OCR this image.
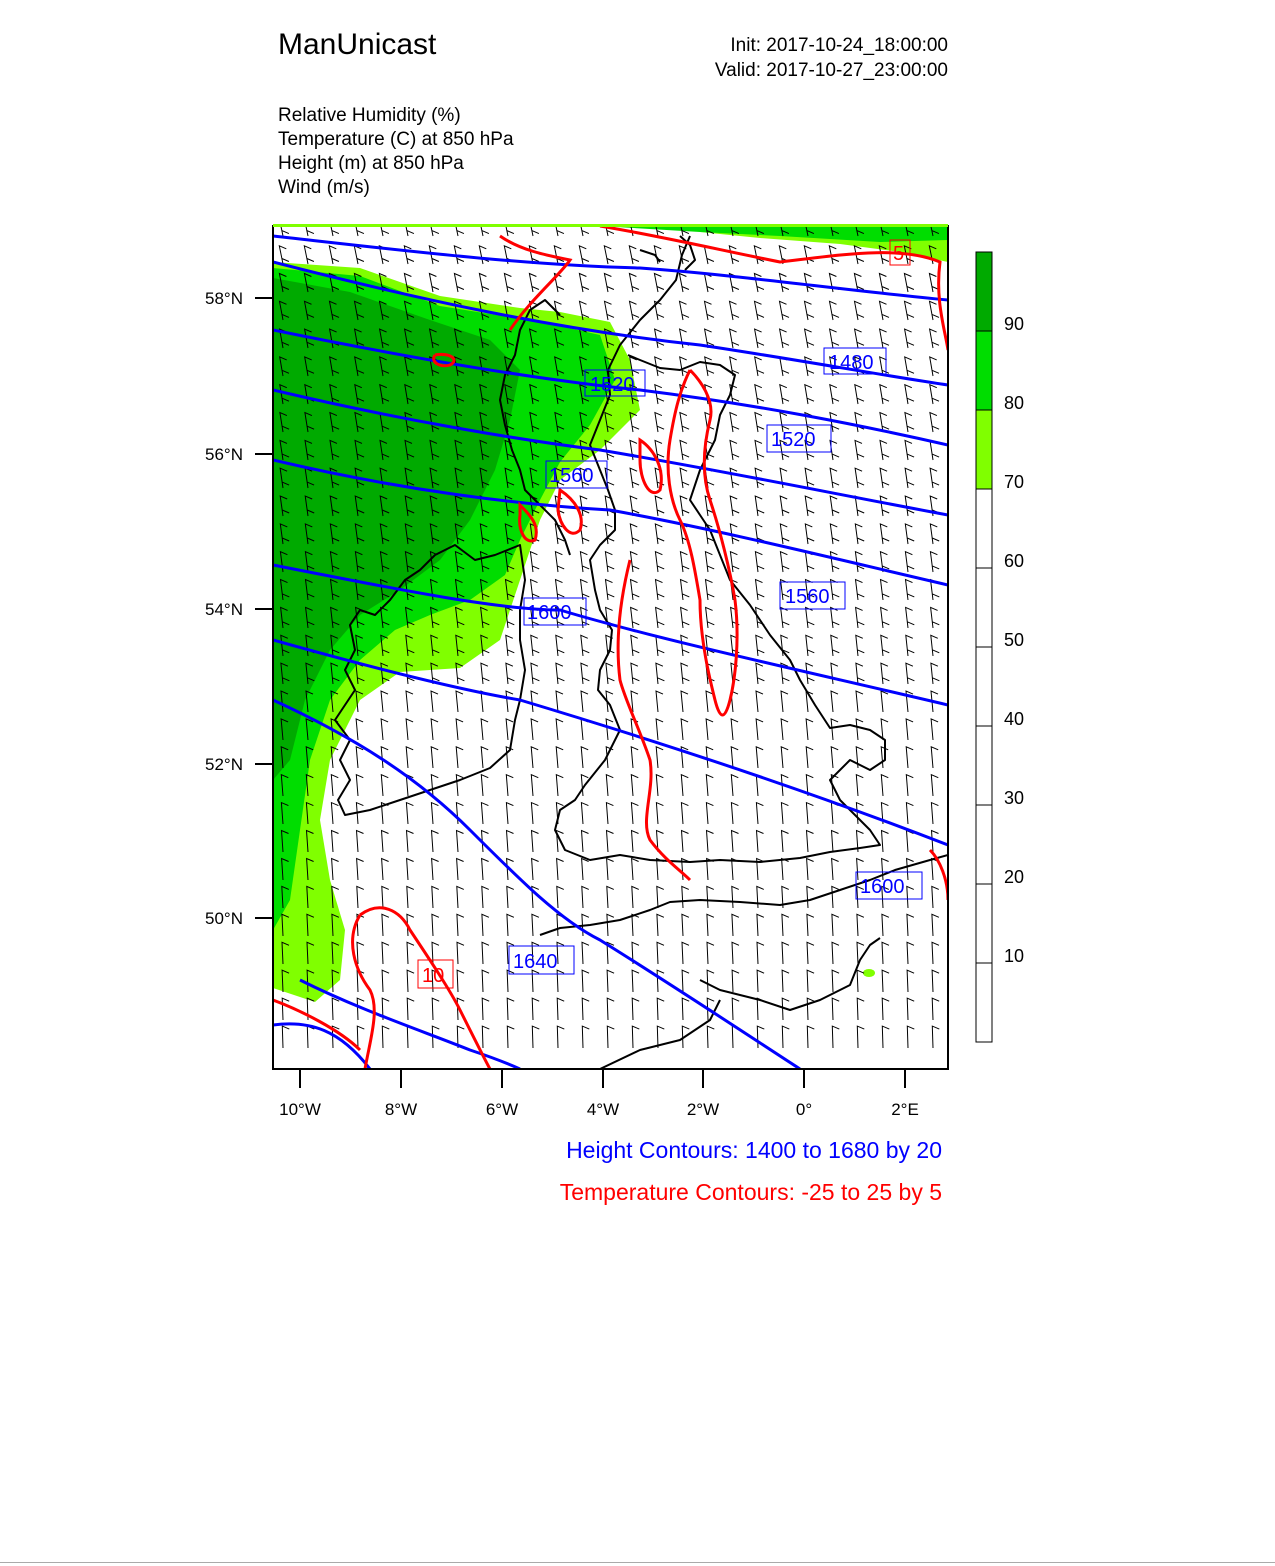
ManUnicast	Init: 2017-10-24_18:00:00
Valid: 2017-10-27_23:00:00
Relative Humidity (%)
Temperature (C) at 850 hPa
Height (m) at 850 hPa
Wind (m/s)
58°N
56°N
54°N
52°N
50°N
10°W	8°W	6°W	4°W	2°W	0°	2°E
1480
1520
1520
1560
1560
1600
1600
1640
10
5
90
80
70
60
50
40
30
20
10
Height Contours: 1400 to 1680 by 20
Temperature Contours: -25 to 25 by 5
